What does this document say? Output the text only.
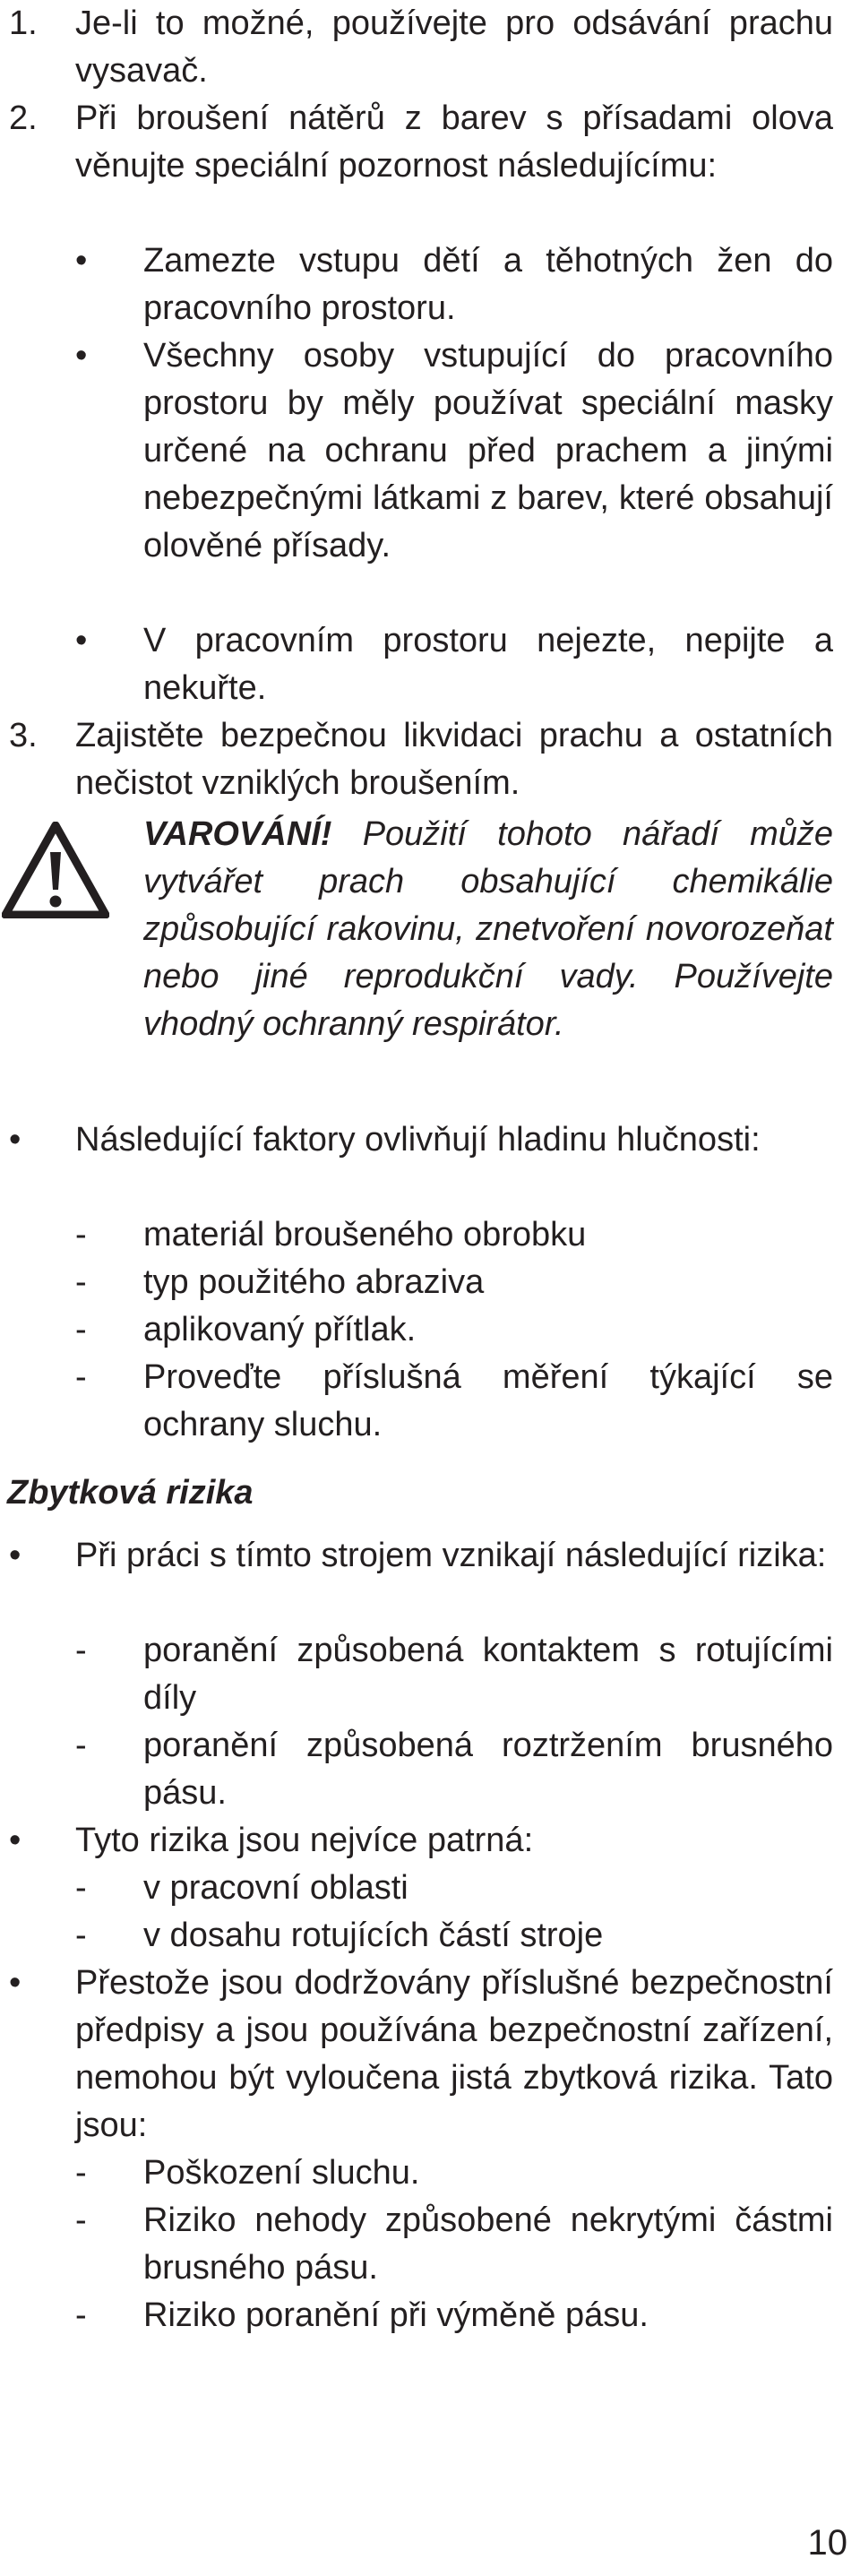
1. Je-li to možné, používejte pro odsávání prachu vysavač.
2. Při broušení nátěrů z barev s přísadami olova věnujte speciální pozornost následujícímu:
• Zamezte vstupu dětí a těhotných žen do pracovního prostoru.
• Všechny osoby vstupující do pracovního prostoru by měly používat speciální masky určené na ochranu před prachem a jinými nebezpečnými látkami z barev, které obsahují olověné přísady.
• V pracovním prostoru nejezte, nepijte a nekuřte.
3. Zajistěte bezpečnou likvidaci prachu a ostatních nečistot vzniklých broušením.
VAROVÁNÍ! Použití tohoto nářadí může vytvářet prach obsahující chemikálie způsobující rakovinu, znetvoření novorozeňat nebo jiné reprodukční vady. Používejte vhodný ochranný respirátor.
• Následující faktory ovlivňují hladinu hlučnosti:
- materiál broušeného obrobku
- typ použitého abraziva
- aplikovaný přítlak.
- Proveďte příslušná měření týkající se ochrany sluchu.
Zbytková rizika
• Při práci s tímto strojem vznikají následující rizika:
- poranění způsobená kontaktem s rotujícími díly
- poranění způsobená roztržením brusného pásu.
• Tyto rizika jsou nejvíce patrná:
- v pracovní oblasti
- v dosahu rotujících částí stroje
• Přestože jsou dodržovány příslušné bezpečnostní předpisy a jsou používána bezpečnostní zařízení, nemohou být vyloučena jistá zbytková rizika. Tato jsou:
- Poškození sluchu.
- Riziko nehody způsobené nekrytými částmi brusného pásu.
- Riziko poranění při výměně pásu.
10
